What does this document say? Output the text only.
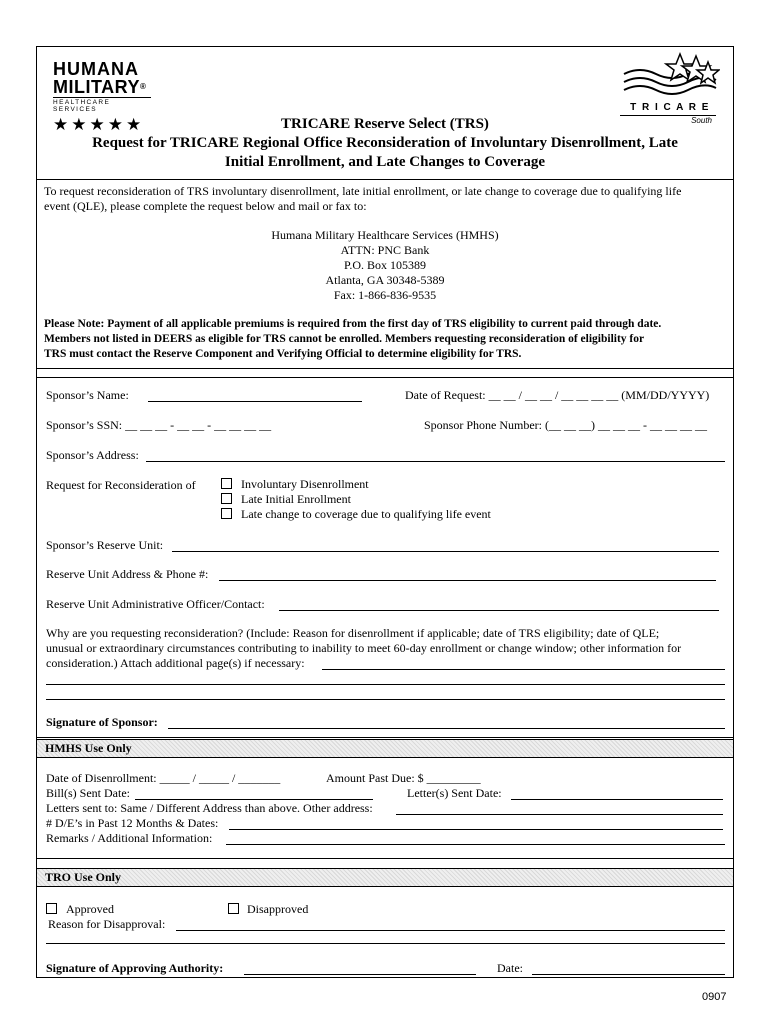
HUMANA
MILITARY®
HEALTHCARE SERVICES
★★★★★
T R I C A R E
South
TRICARE Reserve Select (TRS)
Request for TRICARE Regional Office Reconsideration of Involuntary Disenrollment, Late
Initial Enrollment, and Late Changes to Coverage
To request reconsideration of TRS involuntary disenrollment, late initial enrollment, or late change to coverage due to qualifying life
event (QLE), please complete the request below and mail or fax to:
Humana Military Healthcare Services (HMHS)
ATTN: PNC Bank
P.O. Box 105389
Atlanta, GA 30348-5389
Fax: 1-866-836-9535
Please Note: Payment of all applicable premiums is required from the first day of TRS eligibility to current paid through date.
Members not listed in DEERS as eligible for TRS cannot be enrolled. Members requesting reconsideration of eligibility for
TRS must contact the Reserve Component and Verifying Official to determine eligibility for TRS.
Sponsor’s Name:	Date of Request: __ __ / __ __ / __ __ __ __ (MM/DD/YYYY)
Sponsor’s SSN: __ __ __ - __ __ - __ __ __ __	Sponsor Phone Number: (__ __ __) __ __ __ - __ __ __ __
Sponsor’s Address:
Request for Reconsideration of	Involuntary Disenrollment
Late Initial Enrollment
Late change to coverage due to qualifying life event
Sponsor’s Reserve Unit:
Reserve Unit Address & Phone #:
Reserve Unit Administrative Officer/Contact:
Why are you requesting reconsideration? (Include: Reason for disenrollment if applicable; date of TRS eligibility; date of QLE;
unusual or extraordinary circumstances contributing to inability to meet 60-day enrollment or change window; other information for
consideration.) Attach additional page(s) if necessary:
Signature of Sponsor:
HMHS Use Only
Date of Disenrollment: _____ / _____ / _______	Amount Past Due: $ _________
Bill(s) Sent Date:	Letter(s) Sent Date:
Letters sent to: Same / Different Address than above. Other address:
# D/E’s in Past 12 Months & Dates:
Remarks / Additional Information:
TRO Use Only
Approved	Disapproved
Reason for Disapproval:
Signature of Approving Authority:	Date:
0907
